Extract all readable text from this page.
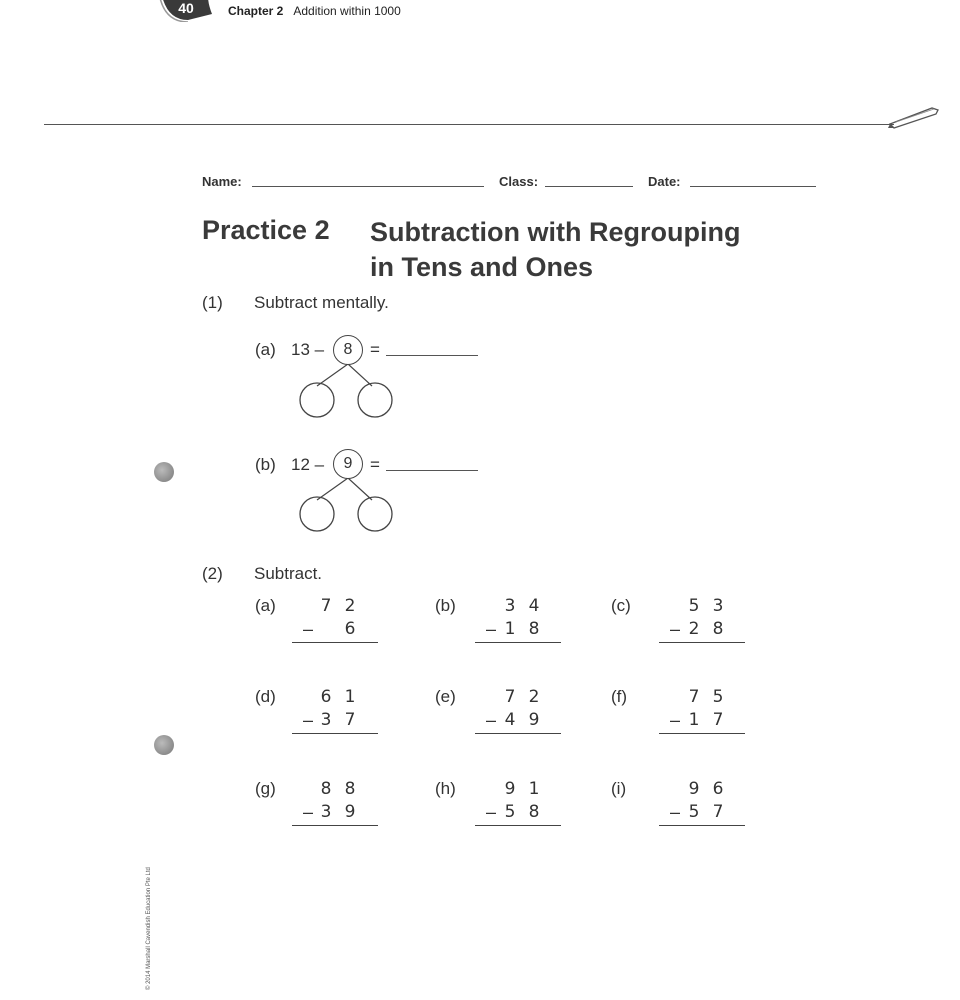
40	Chapter 2 Addition within 1000
Name:	Class:	Date:
Practice 2 Subtraction with Regrouping
in Tens and Ones
(1) Subtract mentally.
(a) 13 –	8	=
(b) 12 –	9	=
(2) Subtract.
(a)	7 2
– 6
(b)	3 4
– 1 8
(c)	5 3
– 2 8
(d)	6 1
– 3 7
(e)	7 2
– 4 9
(f)	7 5
– 1 7
(g)	8 8
– 3 9
(h)	9 1
– 5 8
(i)	9 6
– 5 7
© 2014 Marshall Cavendish Education Pte Ltd
